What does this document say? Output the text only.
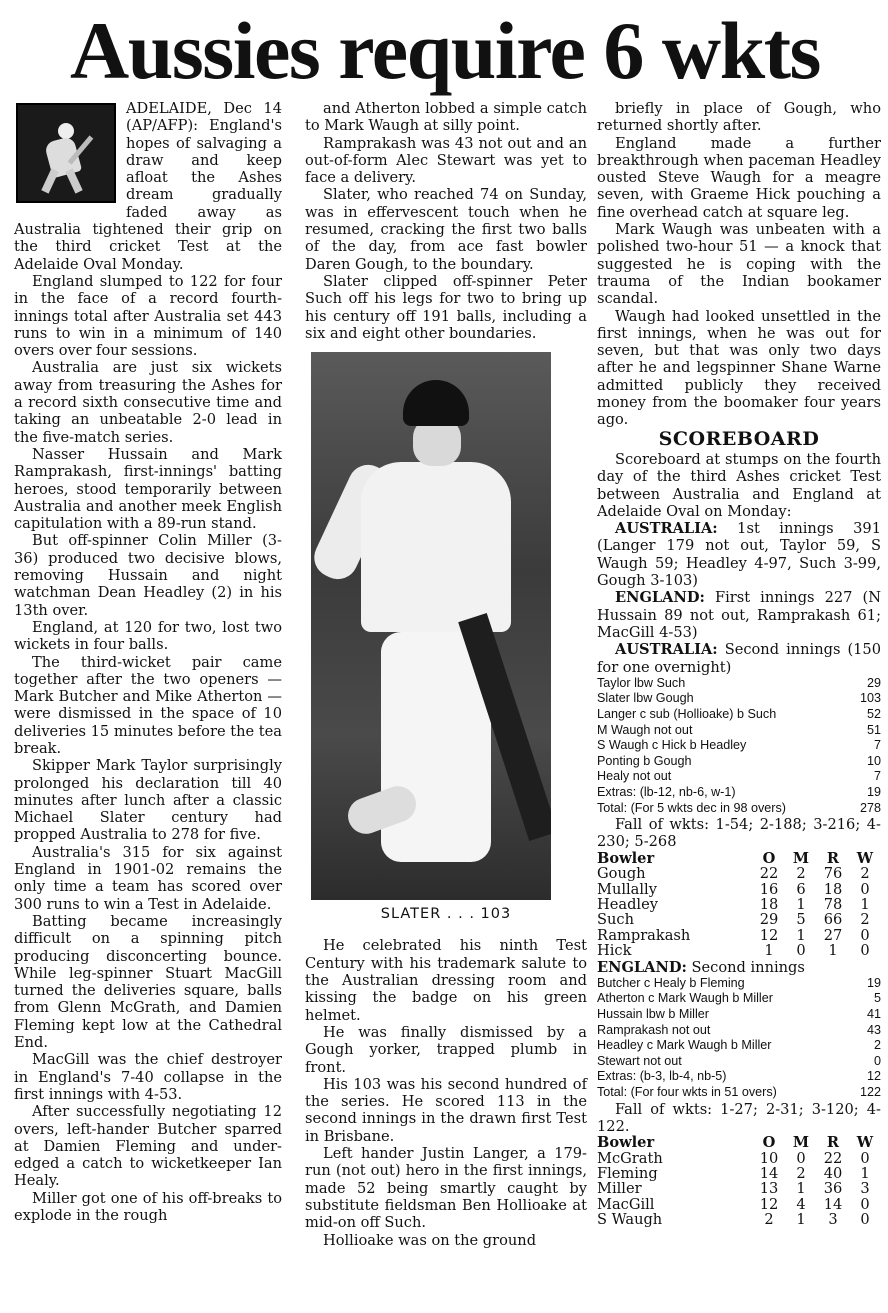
Aussies require 6 wkts

ADELAIDE, Dec 14 (AP/AFP): England's hopes of salvaging a draw and keep afloat the Ashes dream gradually faded away as Australia tightened their grip on the third cricket Test at the Adelaide Oval Monday.

England slumped to 122 for four in the face of a record fourth-innings total after Australia set 443 runs to win in a minimum of 140 overs over four sessions.

Australia are just six wickets away from treasuring the Ashes for a record sixth consecutive time and taking an unbeatable 2-0 lead in the five-match series.

Nasser Hussain and Mark Ramprakash, first-innings' batting heroes, stood temporarily between Australia and another meek English capitulation with a 89-run stand.

But off-spinner Colin Miller (3-36) produced two decisive blows, removing Hussain and night watchman Dean Headley (2) in his 13th over.

England, at 120 for two, lost two wickets in four balls.

The third-wicket pair came together after the two openers — Mark Butcher and Mike Atherton — were dismissed in the space of 10 deliveries 15 minutes before the tea break.

Skipper Mark Taylor surprisingly prolonged his declaration till 40 minutes after lunch after a classic Michael Slater century had propped Australia to 278 for five.

Australia's 315 for six against England in 1901-02 remains the only time a team has scored over 300 runs to win a Test in Adelaide.

Batting became increasingly difficult on a spinning pitch producing disconcerting bounce. While leg-spinner Stuart MacGill turned the deliveries square, balls from Glenn McGrath, and Damien Fleming kept low at the Cathedral End.

MacGill was the chief destroyer in England's 7-40 collapse in the first innings with 4-53.

After successfully negotiating 12 overs, left-hander Butcher sparred at Damien Fleming and under-edged a catch to wicketkeeper Ian Healy.

Miller got one of his off-breaks to explode in the rough

and Atherton lobbed a simple catch to Mark Waugh at silly point.

Ramprakash was 43 not out and an out-of-form Alec Stewart was yet to face a delivery.

Slater, who reached 74 on Sunday, was in effervescent touch when he resumed, cracking the first two balls of the day, from ace fast bowler Daren Gough, to the boundary.

Slater clipped off-spinner Peter Such off his legs for two to bring up his century off 191 balls, including a six and eight other boundaries.

SLATER . . . 103

He celebrated his ninth Test Century with his trademark salute to the Australian dressing room and kissing the badge on his green helmet.

He was finally dismissed by a Gough yorker, trapped plumb in front.

His 103 was his second hundred of the series. He scored 113 in the second innings in the drawn first Test in Brisbane.

Left hander Justin Langer, a 179-run (not out) hero in the first innings, made 52 being smartly caught by substitute fieldsman Ben Hollioake at mid-on off Such.

Hollioake was on the ground

briefly in place of Gough, who returned shortly after.

England made a further breakthrough when paceman Headley ousted Steve Waugh for a meagre seven, with Graeme Hick pouching a fine overhead catch at square leg.

Mark Waugh was unbeaten with a polished two-hour 51 — a knock that suggested he is coping with the trauma of the Indian bookamer scandal.

Waugh had looked unsettled in the first innings, when he was out for seven, but that was only two days after he and legspinner Shane Warne admitted publicly they received money from the boomaker four years ago.

SCOREBOARD

Scoreboard at stumps on the fourth day of the third Ashes cricket Test between Australia and England at Adelaide Oval on Monday:

AUSTRALIA: 1st innings 391 (Langer 179 not out, Taylor 59, S Waugh 59; Headley 4-97, Such 3-99, Gough 3-103)

ENGLAND: First innings 227 (N Hussain 89 not out, Ramprakash 61; MacGill 4-53)

AUSTRALIA: Second innings (150 for one overnight)

Taylor lbw Such	29
Slater lbw Gough	103
Langer c sub (Hollioake) b Such	52
M Waugh not out	51
S Waugh c Hick b Headley	7
Ponting b Gough	10
Healy not out	7
Extras: (lb-12, nb-6, w-1)	19
Total: (For 5 wkts dec in 98 overs)	278

Fall of wkts: 1-54; 2-188; 3-216; 4-230; 5-268

Bowler	O	M	R	W
Gough	22	2	76	2
Mullally	16	6	18	0
Headley	18	1	78	1
Such	29	5	66	2
Ramprakash	12	1	27	0
Hick	1	0	1	0

ENGLAND: Second innings

Butcher c Healy b Fleming	19
Atherton c Mark Waugh b Miller	5
Hussain lbw b Miller	41
Ramprakash not out	43
Headley c Mark Waugh b Miller	2
Stewart not out	0
Extras: (b-3, lb-4, nb-5)	12
Total: (For four wkts in 51 overs)	122

Fall of wkts: 1-27; 2-31; 3-120; 4-122.

Bowler	O	M	R	W
McGrath	10	0	22	0
Fleming	14	2	40	1
Miller	13	1	36	3
MacGill	12	4	14	0
S Waugh	2	1	3	0
